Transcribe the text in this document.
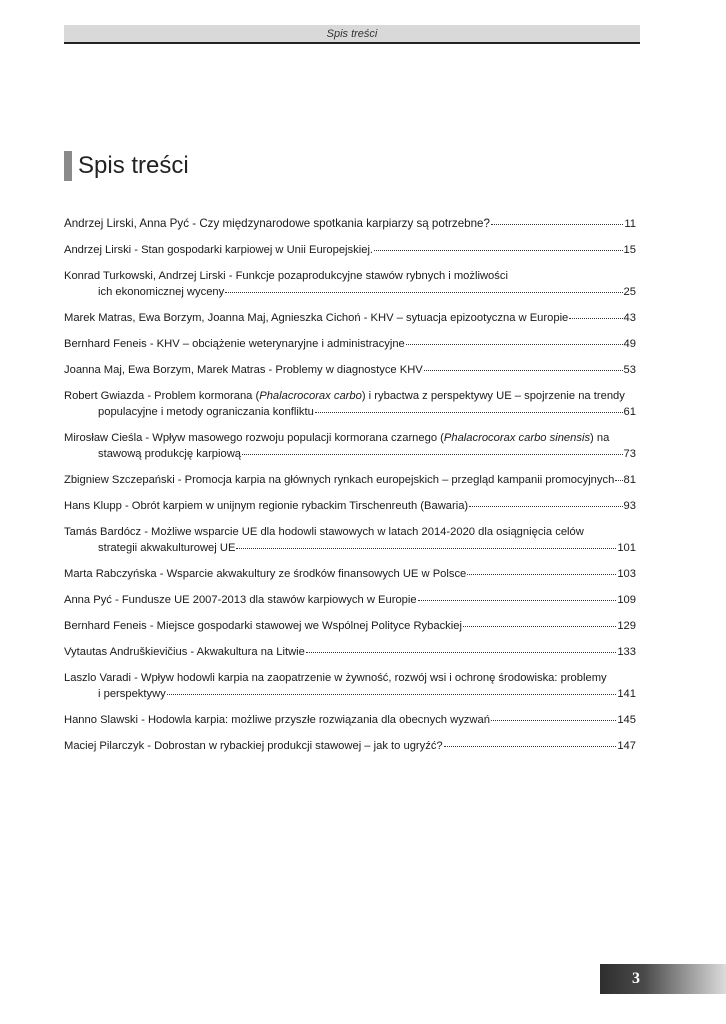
Spis treści
Spis treści
Andrzej Lirski, Anna Pyć - Czy międzynarodowe spotkania karpiarzy są potrzebne?	11
Andrzej Lirski - Stan gospodarki karpiowej w Unii Europejskiej.	15
Konrad Turkowski, Andrzej Lirski - Funkcje pozaprodukcyjne stawów rybnych i możliwości
ich ekonomicznej wyceny	25
Marek Matras, Ewa Borzym, Joanna Maj, Agnieszka Cichoń - KHV – sytuacja epizootyczna w Europie	43
Bernhard Feneis - KHV – obciążenie weterynaryjne i administracyjne	49
Joanna Maj, Ewa Borzym, Marek Matras - Problemy w diagnostyce KHV	53
Robert Gwiazda - Problem kormorana (Phalacrocorax carbo) i rybactwa z perspektywy UE – spojrzenie na trendy
populacyjne i metody ograniczania konfliktu	61
Mirosław Cieśla - Wpływ masowego rozwoju populacji kormorana czarnego (Phalacrocorax carbo sinensis) na
stawową produkcję karpiową	73
Zbigniew Szczepański - Promocja karpia na głównych rynkach europejskich – przegląd kampanii promocyjnych 81
Hans Klupp - Obrót karpiem w unijnym regionie rybackim Tirschenreuth (Bawaria)	93
Tamás Bardócz - Możliwe wsparcie UE dla hodowli stawowych w latach 2014-2020 dla osiągnięcia celów
strategii akwakulturowej UE	101
Marta Rabczyńska - Wsparcie akwakultury ze środków finansowych UE w Polsce	103
Anna Pyć - Fundusze UE 2007-2013 dla stawów karpiowych w Europie	109
Bernhard Feneis - Miejsce gospodarki stawowej we Wspólnej Polityce Rybackiej	129
Vytautas Andruškievičius - Akwakultura na Litwie	133
Laszlo Varadi - Wpływ hodowli karpia na zaopatrzenie w żywność, rozwój wsi i ochronę środowiska: problemy
i perspektywy	141
Hanno Slawski - Hodowla karpia: możliwe przyszłe rozwiązania dla obecnych wyzwań	145
Maciej Pilarczyk - Dobrostan w rybackiej produkcji stawowej – jak to ugryźć?	147
3
